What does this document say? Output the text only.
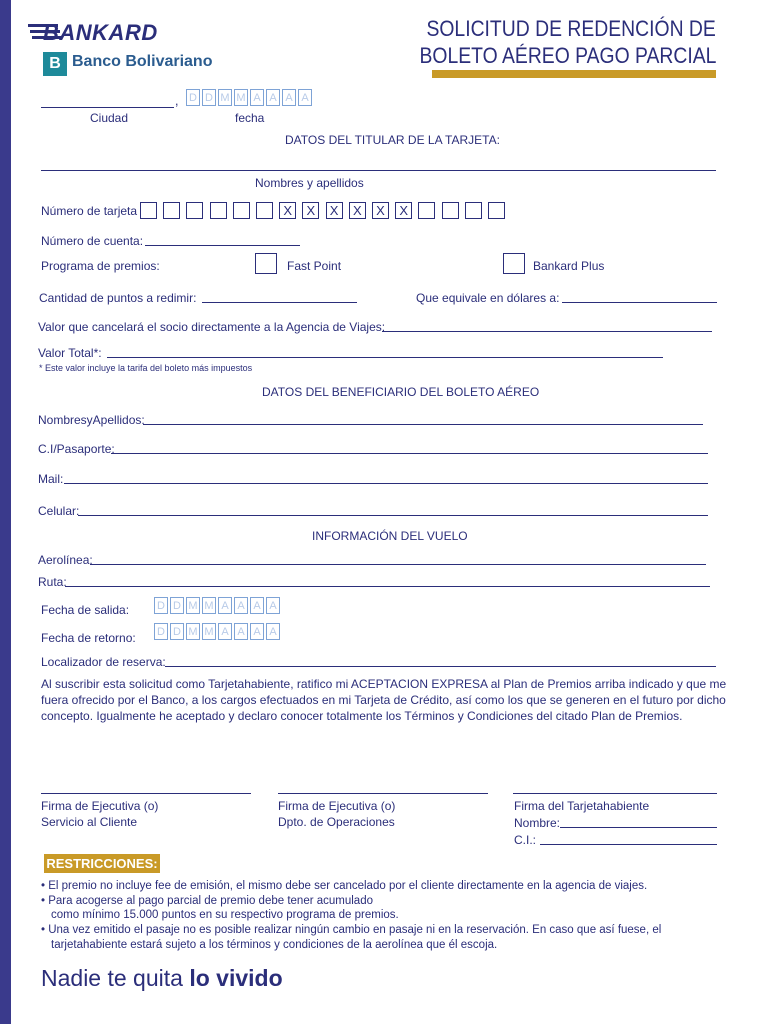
BANKARD
B Banco Bolivariano
SOLICITUD DE REDENCIÓN DE
BOLETO AÉREO PAGO PARCIAL
, D D M M A A A A
Ciudad	fecha
DATOS DEL TITULAR DE LA TARJETA:
Nombres y apellidos
Número de tarjeta	X	X	X	X	X	X
Número de cuenta:
Programa de premios:	Fast Point	Bankard Plus
Cantidad de puntos a redimir:	Que equivale en dólares a:
Valor que cancelará el socio directamente a la Agencia de Viajes:
Valor Total*:
* Este valor incluye la tarifa del boleto más impuestos
DATOS DEL BENEFICIARIO DEL BOLETO AÉREO
NombresyApellidos:
C.I/Pasaporte:
Mail:
Celular:
INFORMACIÓN DEL VUELO
Aerolínea:
Ruta:
Fecha de salida:	D D M M A A A A
Fecha de retorno: D D M M A A A A
Localizador de reserva:
Al suscribir esta solicitud como Tarjetahabiente, ratifico mi ACEPTACION EXPRESA al Plan de Premios arriba indicado y que me
fuera ofrecido por el Banco, a los cargos efectuados en mi Tarjeta de Crédito, así como los que se generen en el futuro por dicho
concepto. Igualmente he aceptado y declaro conocer totalmente los Términos y Condiciones del citado Plan de Premios.
Firma de Ejecutiva (o)
Servicio al Cliente
Firma de Ejecutiva (o)
Dpto. de Operaciones
Firma del Tarjetahabiente
Nombre:
C.I.:
RESTRICCIONES:
• El premio no incluye fee de emisión, el mismo debe ser cancelado por el cliente directamente en la agencia de viajes.
• Para acogerse al pago parcial de premio debe tener acumulado
como mínimo 15.000 puntos en su respectivo programa de premios.
• Una vez emitido el pasaje no es posible realizar ningún cambio en pasaje ni en la reservación. En caso que así fuese, el
tarjetahabiente estará sujeto a los términos y condiciones de la aerolínea que él escoja.
Nadie te quita lo vivido
